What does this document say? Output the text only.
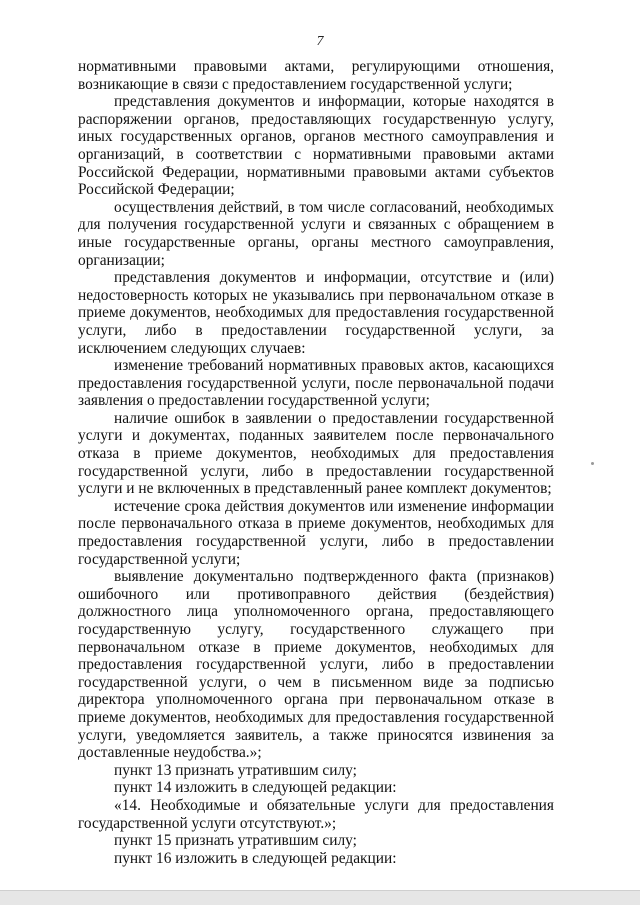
7

нормативными правовыми актами, регулирующими отношения, возникающие в связи с предоставлением государственной услуги;

представления документов и информации, которые находятся в распоряжении органов, предоставляющих государственную услугу, иных государственных органов, органов местного самоуправления и организаций, в соответствии с нормативными правовыми актами Российской Федерации, нормативными правовыми актами субъектов Российской Федерации;

осуществления действий, в том числе согласований, необходимых для получения государственной услуги и связанных с обращением в иные государственные органы, органы местного самоуправления, организации;

представления документов и информации, отсутствие и (или) недостоверность которых не указывались при первоначальном отказе в приеме документов, необходимых для предоставления государственной услуги, либо в предоставлении государственной услуги, за исключением следующих случаев:

изменение требований нормативных правовых актов, касающихся предоставления государственной услуги, после первоначальной подачи заявления о предоставлении государственной услуги;

наличие ошибок в заявлении о предоставлении государственной услуги и документах, поданных заявителем после первоначального отказа в приеме документов, необходимых для предоставления государственной услуги, либо в предоставлении государственной услуги и не включенных в представленный ранее комплект документов;

истечение срока действия документов или изменение информации после первоначального отказа в приеме документов, необходимых для предоставления государственной услуги, либо в предоставлении государственной услуги;

выявление документально подтвержденного факта (признаков) ошибочного или противоправного действия (бездействия) должностного лица уполномоченного органа, предоставляющего государственную услугу, государственного служащего при первоначальном отказе в приеме документов, необходимых для предоставления государственной услуги, либо в предоставлении государственной услуги, о чем в письменном виде за подписью директора уполномоченного органа при первоначальном отказе в приеме документов, необходимых для предоставления государственной услуги, уведомляется заявитель, а также приносятся извинения за доставленные неудобства.»;

пункт 13 признать утратившим силу;

пункт 14 изложить в следующей редакции:

«14. Необходимые и обязательные услуги для предоставления государственной услуги отсутствуют.»;

пункт 15 признать утратившим силу;

пункт 16 изложить в следующей редакции:
